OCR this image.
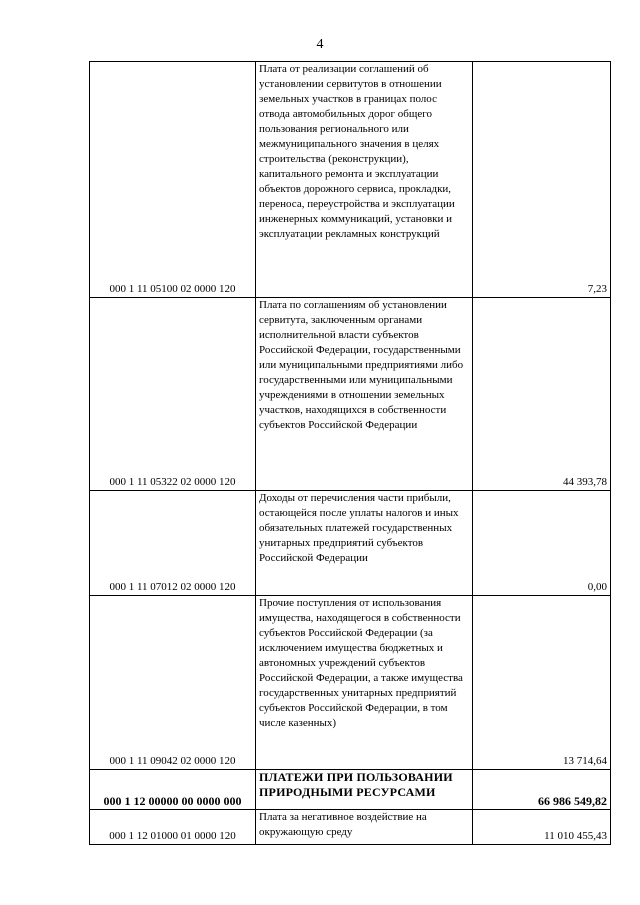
4
000 1 11 05100 02 0000 120	Плата от реализации соглашений об установлении сервитутов в отношении земельных участков в границах полос отвода автомобильных дорог общего пользования регионального или межмуниципального значения в целях строительства (реконструкции), капитального ремонта и эксплуатации объектов дорожного сервиса, прокладки, переноса, переустройства и эксплуатации инженерных коммуникаций, установки и эксплуатации рекламных конструкций	7,23
000 1 11 05322 02 0000 120	Плата по соглашениям об установлении сервитута, заключенным органами исполнительной власти субъектов Российской Федерации, государственными или муниципальными предприятиями либо государственными или муниципальными учреждениями в отношении земельных участков, находящихся в собственности субъектов Российской Федерации	44 393,78
000 1 11 07012 02 0000 120	Доходы от перечисления части прибыли, остающейся после уплаты налогов и иных обязательных платежей государственных унитарных предприятий субъектов Российской Федерации	0,00
000 1 11 09042 02 0000 120	Прочие поступления от использования имущества, находящегося в собственности субъектов Российской Федерации (за исключением имущества бюджетных и автономных учреждений субъектов Российской Федерации, а также имущества государственных унитарных предприятий субъектов Российской Федерации, в том числе казенных)	13 714,64
000 1 12 00000 00 0000 000	ПЛАТЕЖИ ПРИ ПОЛЬЗОВАНИИ ПРИРОДНЫМИ РЕСУРСАМИ	66 986 549,82
000 1 12 01000 01 0000 120	Плата за негативное воздействие на окружающую среду	11 010 455,43
